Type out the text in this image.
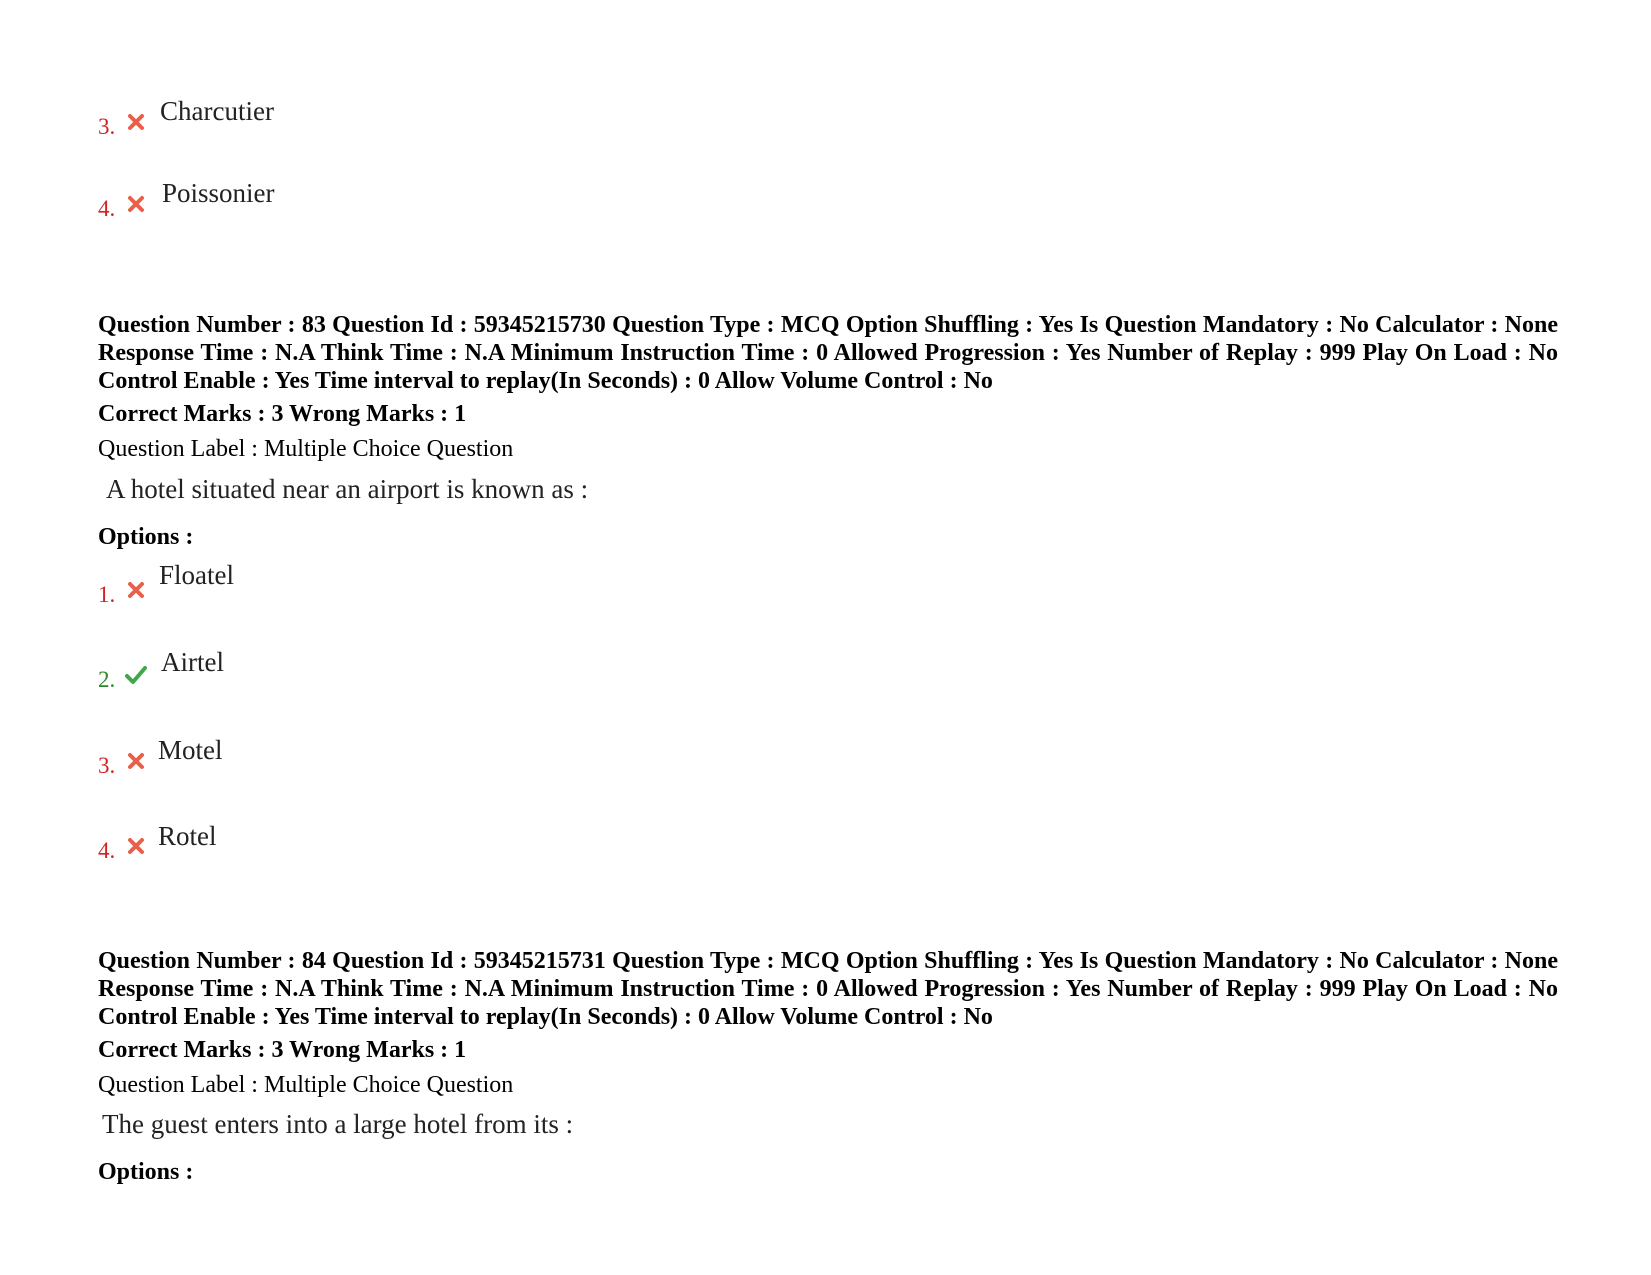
3.
Charcutier
4.
Poissonier
Question Number : 83 Question Id : 59345215730 Question Type : MCQ Option Shuffling : Yes Is Question Mandatory : No Calculator : None Response Time : N.A Think Time : N.A Minimum Instruction Time : 0 Allowed Progression : Yes Number of Replay : 999 Play On Load : No Control Enable : Yes Time interval to replay(In Seconds) : 0 Allow Volume Control : No
Correct Marks : 3 Wrong Marks : 1
Question Label : Multiple Choice Question
A hotel situated near an airport is known as :
Options :
1.
Floatel
2.
Airtel
3.
Motel
4. Rotel
Question Number : 84 Question Id : 59345215731 Question Type : MCQ Option Shuffling : Yes Is Question Mandatory : No Calculator : None Response Time : N.A Think Time : N.A Minimum Instruction Time : 0 Allowed Progression : Yes Number of Replay : 999 Play On Load : No Control Enable : Yes Time interval to replay(In Seconds) : 0 Allow Volume Control : No
Correct Marks : 3 Wrong Marks : 1
Question Label : Multiple Choice Question
The guest enters into a large hotel from its :
Options :
